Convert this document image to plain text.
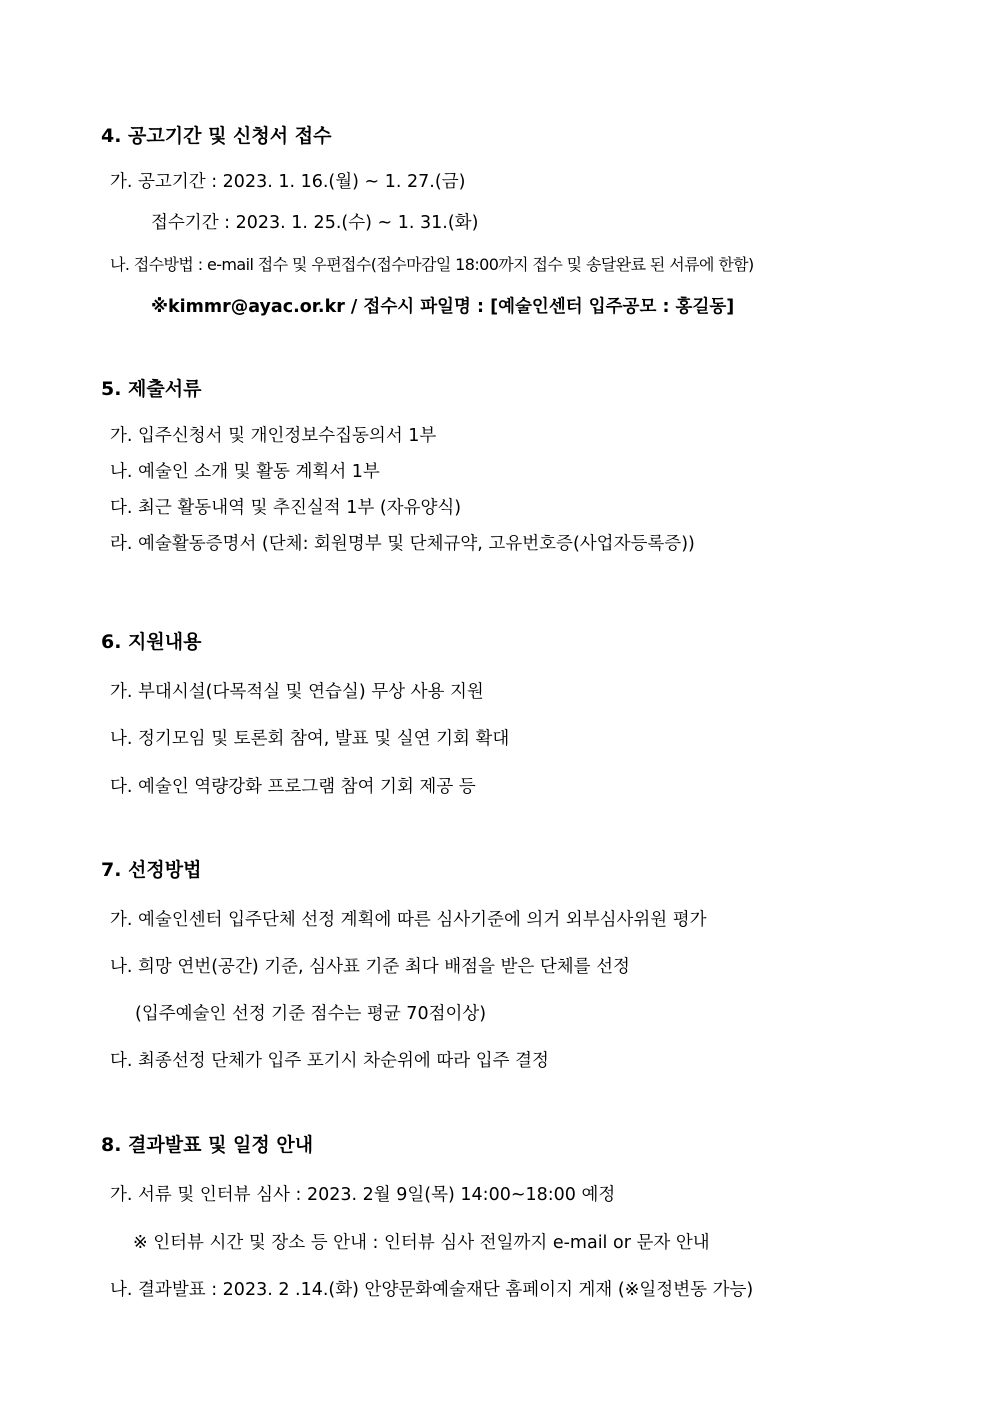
4. 공고기간 및 신청서 접수
가. 공고기간 : 2023. 1. 16.(월) ~ 1. 27.(금)
접수기간 : 2023. 1. 25.(수) ~ 1. 31.(화)
나. 접수방법 : e-mail 접수 및 우편접수(접수마감일 18:00까지 접수 및 송달완료 된 서류에 한함)
※kimmr@ayac.or.kr / 접수시 파일명 : [예술인센터 입주공모 : 홍길동]
5. 제출서류
가. 입주신청서 및 개인정보수집동의서 1부
나. 예술인 소개 및 활동 계획서 1부
다. 최근 활동내역 및 추진실적 1부 (자유양식)
라. 예술활동증명서 (단체: 회원명부 및 단체규약, 고유번호증(사업자등록증))
6. 지원내용
가. 부대시설(다목적실 및 연습실) 무상 사용 지원
나. 정기모임 및 토론회 참여, 발표 및 실연 기회 확대
다. 예술인 역량강화 프로그램 참여 기회 제공 등
7. 선정방법
가. 예술인센터 입주단체 선정 계획에 따른 심사기준에 의거 외부심사위원 평가
나. 희망 연번(공간) 기준, 심사표 기준 최다 배점을 받은 단체를 선정
(입주예술인 선정 기준 점수는 평균 70점이상)
다. 최종선정 단체가 입주 포기시 차순위에 따라 입주 결정
8. 결과발표 및 일정 안내
가. 서류 및 인터뷰 심사 : 2023. 2월 9일(목) 14:00~18:00 예정
※ 인터뷰 시간 및 장소 등 안내 : 인터뷰 심사 전일까지 e-mail or 문자 안내
나. 결과발표 : 2023. 2 .14.(화) 안양문화예술재단 홈페이지 게재 (※일정변동 가능)
